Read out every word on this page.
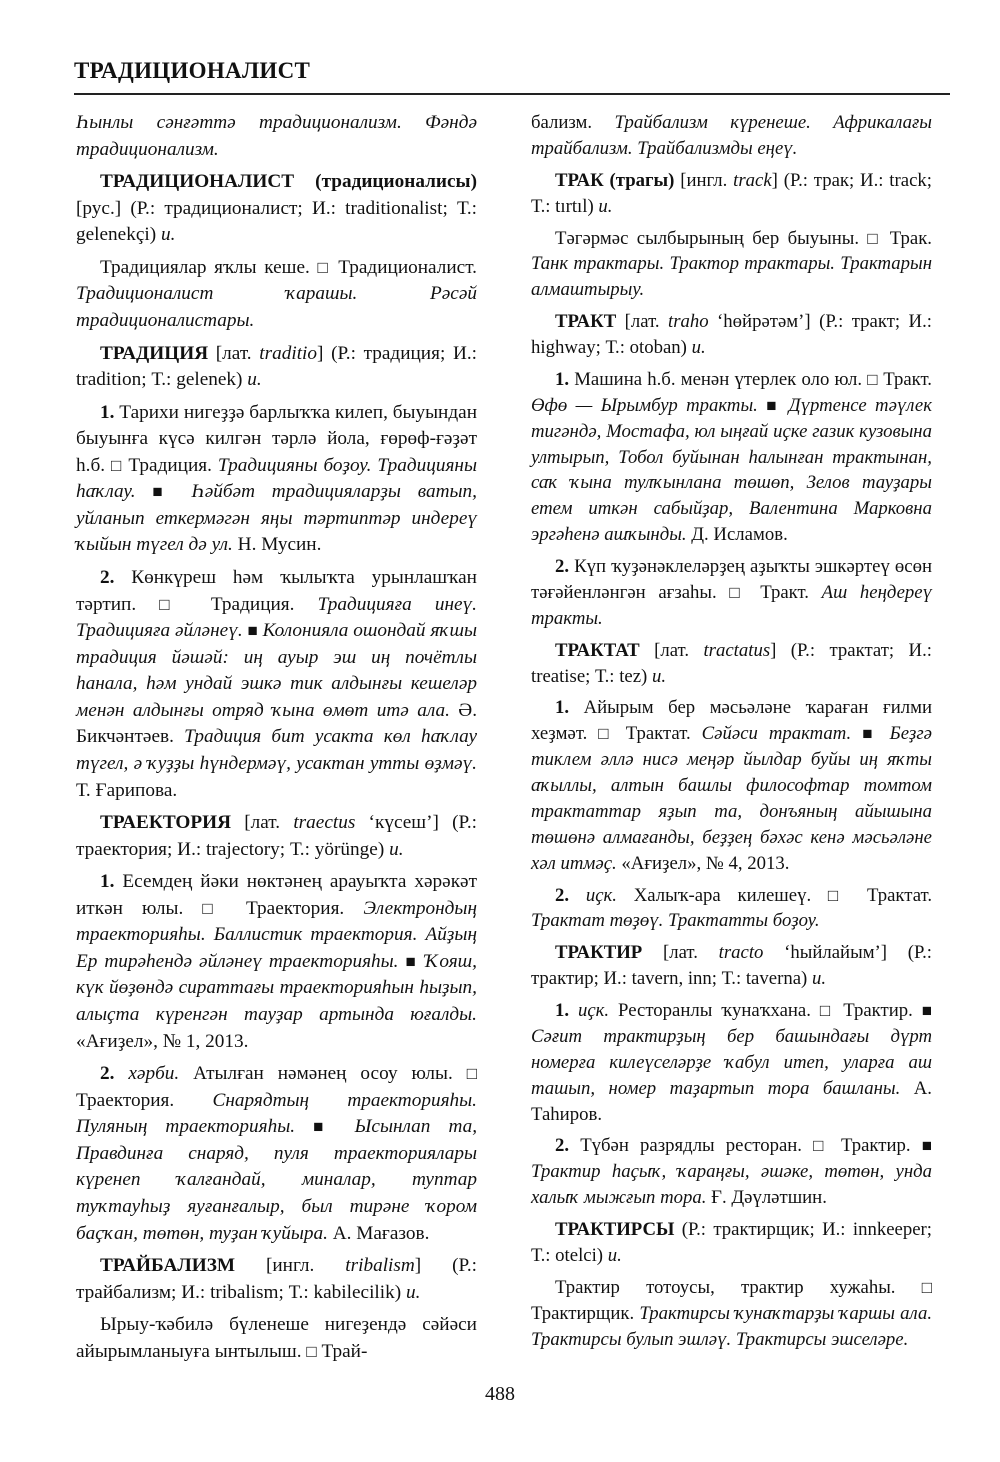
ТРАДИЦИОНАЛИСТ

Һынлы сәнғәттә традиционализм. Фәндә традиционализм.

ТРАДИЦИОНАЛИСТ (традиционалисы) [рус.] (Р.: традиционалист; И.: traditionalist; Т.: gelenekçi) и.

Традициялар яҡлы кеше. □ Традиционалист. Традиционалист ҡарашы. Рәсәй традиционалистары.

ТРАДИЦИЯ [лат. traditio] (Р.: традиция; И.: tradition; Т.: gelenek) и.

1. Тарихи нигеҙҙә барлыҡҡа килеп, быуындан быуынға күсә килгән тәрлә йола, ғөрөф-ғәҙәт һ.б. □ Традиция. Традицияны боҙоу. Традицияны һаҡлау. ■ Һәйбәт традицияларҙы ватып, уйланып еткермәгән яңы тәртиптәр индереү ҡыйын түгел дә ул. Н. Мусин.

2. Көнкүреш һәм ҡылыҡта урынлашҡан тәртип. □ Традиция. Традицияға инеү. Традицияға әйләнеү. ■ Колонияла ошондай яҡшы традиция йәшәй: иң ауыр эш иң почётлы һанала, һәм ундай эшкә тик алдынғы кешеләр менән алдынғы отряд ҡына өмөт итә ала. Ә. Бикчәнтәев. Традиция бит усакта көл һаҡлау түгел, ә ҡуҙҙы һүндермәү, усактан утты өҙмәү. Т. Ғарипова.

ТРАЕКТОРИЯ [лат. traectus ‘күсеш’] (Р.: траектория; И.: trajectory; Т.: yörünge) и.

1. Есемдең йәки нөктәнең арауыҡта хәрәкәт иткән юлы. □ Траектория. Электрондың траекторияһы. Баллистик траектория. Айҙың Ер тирәһендә әйләнеү траекторияһы. ■ Ҡояш, күк йөҙөндә сираттағы траекторияһын һыҙып, алыҫта күренгән тауҙар артында юғалды. «Ағиҙел», № 1, 2013.

2. хәрби. Атылған нәмәнең осоу юлы. □ Траектория. Снарядтың траекторияһы. Пуляның траекторияһы. ■ Ысынлап та, Правдинға снаряд, пуля траекториялары күренеп ҡалғандай, миналар, туптар туҡтауһыҙ яуғанғалыр, был тирәне ҡором баҫҡан, төтөн, туҙан ҡуйыра. А. Мағазов.

ТРАЙБАЛИЗМ [ингл. tribalism] (Р.: трайбализм; И.: tribalism; Т.: kabilecilik) и.

Ырыу-ҡәбилә бүленеше нигеҙендә сәйәси айырымланыуға ынтылыш. □ Трай-

бализм. Трайбализм күренеше. Африкалағы трайбализм. Трайбализмды еңеү.

ТРАК (трагы) [ингл. track] (Р.: трак; И.: track; Т.: tırtıl) и.

Тәгәрмәс сылбырының бер быуыны. □ Трак. Танк трактары. Трактор трактары. Трактарын алмаштырыу.

ТРАКТ [лат. traho ‘һөйрәтәм’] (Р.: тракт; И.: highway; Т.: otoban) и.

1. Машина һ.б. менән үтерлек оло юл. □ Тракт. Өфө — Ырымбур тракты. ■ Дүртенсе тәүлек тигәндә, Мостафа, юл ыңғай иҫке газик кузовына ултырып, Тобол буйынан һалынған трактынан, саҡ ҡына тулҡынлана төшөп, Зелов тауҙары етем иткән сабыйҙар, Валентина Марковна эргәһенә ашҡынды. Д. Исламов.

2. Күп ҡуҙәнәклеләрҙең аҙыҡты эшкәртеү өсөн тәғәйенләнгән ағзаһы. □ Тракт. Аш һеңдереү тракты.

ТРАКТАТ [лат. tractatus] (Р.: трактат; И.: treatise; Т.: tez) и.

1. Айырым бер мәсьәләне ҡараған ғилми хеҙмәт. □ Трактат. Сәйәси трактат. ■ Беҙгә тиклем әллә нисә меңәр йылдар буйы иң яҡты аҡыллы, алтын башлы философтар томтом трактаттар яҙып та, донъяның айышына төшөнә алмағанды, беҙҙең бәхәс кенә мәсьәләне хәл итмәҫ. «Ағиҙел», № 4, 2013.

2. иҫк. Халыҡ-ара килешеү. □ Трактат. Трактат төҙөү. Трактатты боҙоу.

ТРАКТИР [лат. tracto ‘һыйлайым’] (Р.: трактир; И.: tavern, inn; Т.: taverna) и.

1. иҫк. Ресторанлы ҡунаҡхана. □ Трактир. ■ Сәғит трактирҙың бер башындағы дүрт номерға килеүселәрҙе ҡабул итеп, уларға аш ташып, номер таҙартып тора башланы. А. Таһиров.

2. Түбән разрядлы ресторан. □ Трактир. ■ Трактир һаҫыҡ, ҡараңғы, әшәке, төтөн, унда халыҡ мыжғып тора. Ғ. Дәүләтшин.

ТРАКТИРСЫ (Р.: трактирщик; И.: innkeeper; Т.: otelci) и.

Трактир тотоусы, трактир хужаһы. □ Трактирщик. Трактирсы ҡунаҡтарҙы ҡаршы ала. Трактирсы булып эшләү. Трактирсы эшселәре.

488
